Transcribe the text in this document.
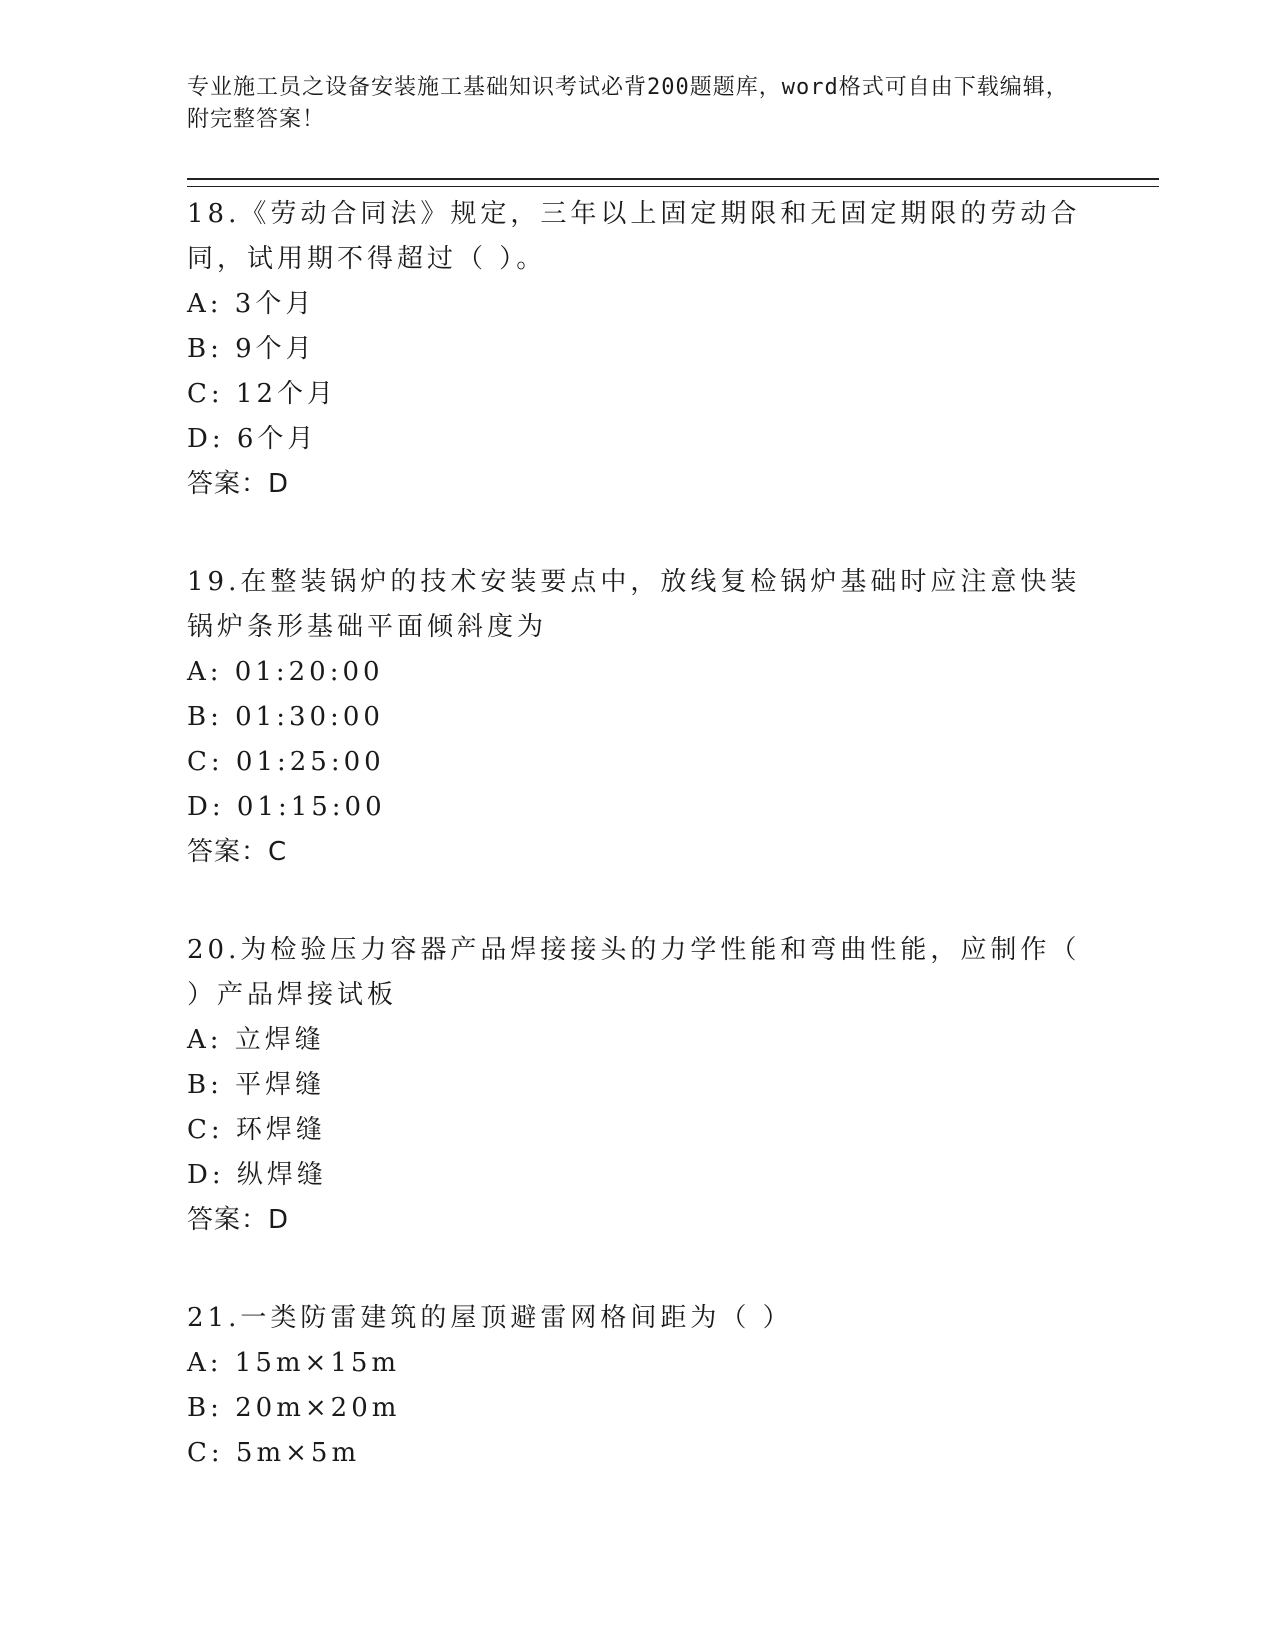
专业施工员之设备安装施工基础知识考试必背200题题库，word格式可自由下载编辑，附完整答案！
18.《劳动合同法》规定，三年以上固定期限和无固定期限的劳动合同，试用期不得超过（ ）。
A: 3个月
B: 9个月
C: 12个月
D: 6个月
答案：D
19.在整装锅炉的技术安装要点中，放线复检锅炉基础时应注意快装锅炉条形基础平面倾斜度为
A: 01:20:00
B: 01:30:00
C: 01:25:00
D: 01:15:00
答案：C
20.为检验压力容器产品焊接接头的力学性能和弯曲性能，应制作（ ）产品焊接试板
A: 立焊缝
B: 平焊缝
C: 环焊缝
D: 纵焊缝
答案：D
21.一类防雷建筑的屋顶避雷网格间距为（ ）
A: 15m×15m
B: 20m×20m
C: 5m×5m
